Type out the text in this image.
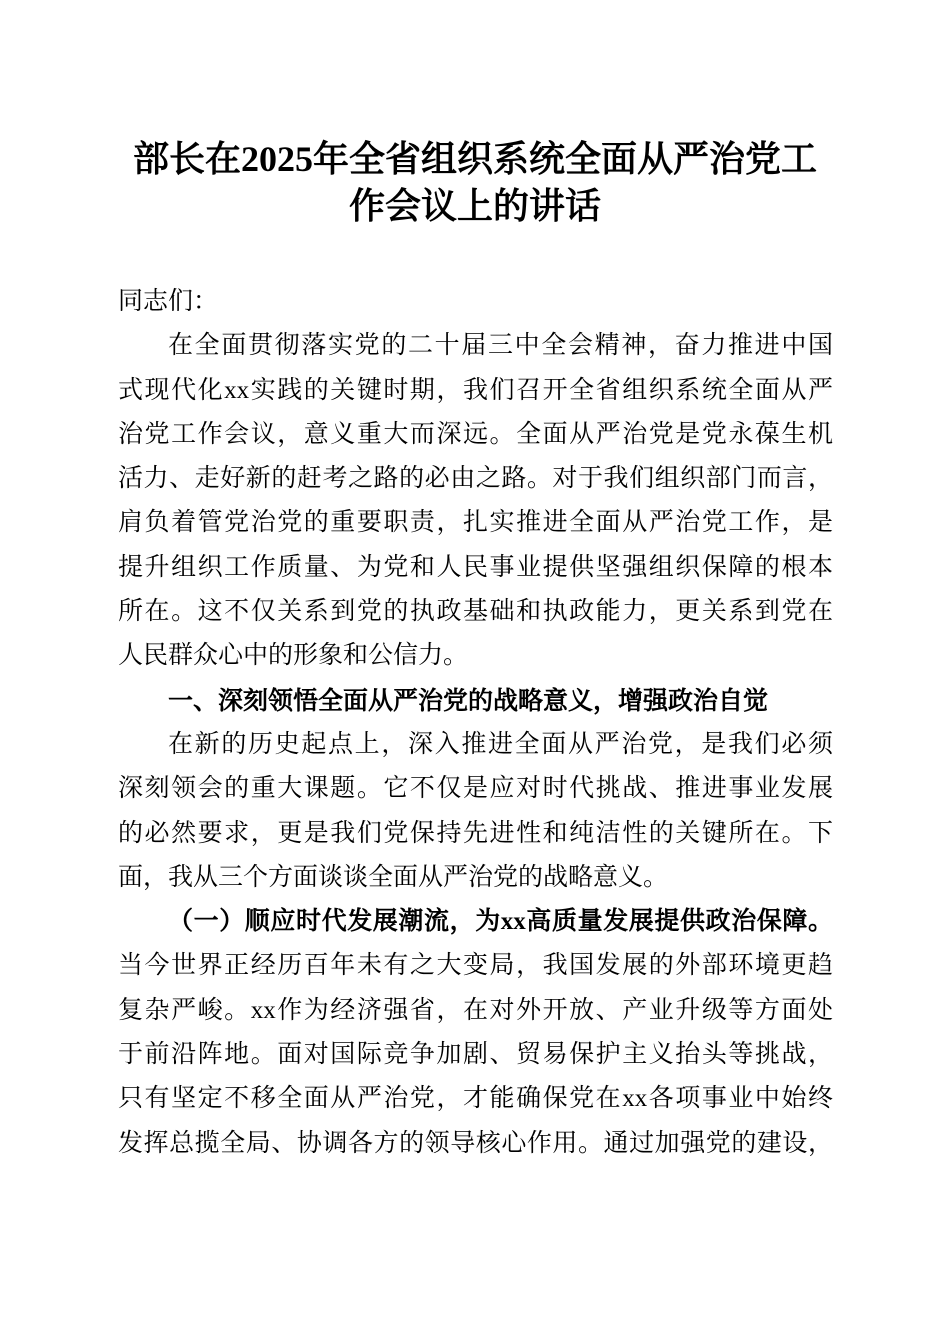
部长在2025年全省组织系统全面从严治党工
作会议上的讲话
同志们：
在全面贯彻落实党的二十届三中全会精神，奋力推进中国
式现代化xx实践的关键时期，我们召开全省组织系统全面从严
治党工作会议，意义重大而深远。全面从严治党是党永葆生机
活力、走好新的赶考之路的必由之路。对于我们组织部门而言，
肩负着管党治党的重要职责，扎实推进全面从严治党工作，是
提升组织工作质量、为党和人民事业提供坚强组织保障的根本
所在。这不仅关系到党的执政基础和执政能力，更关系到党在
人民群众心中的形象和公信力。
一、深刻领悟全面从严治党的战略意义，增强政治自觉
在新的历史起点上，深入推进全面从严治党，是我们必须
深刻领会的重大课题。它不仅是应对时代挑战、推进事业发展
的必然要求，更是我们党保持先进性和纯洁性的关键所在。下
面，我从三个方面谈谈全面从严治党的战略意义。
（一）顺应时代发展潮流，为xx高质量发展提供政治保障。
当今世界正经历百年未有之大变局，我国发展的外部环境更趋
复杂严峻。xx作为经济强省，在对外开放、产业升级等方面处
于前沿阵地。面对国际竞争加剧、贸易保护主义抬头等挑战，
只有坚定不移全面从严治党，才能确保党在xx各项事业中始终
发挥总揽全局、协调各方的领导核心作用。通过加强党的建设，
